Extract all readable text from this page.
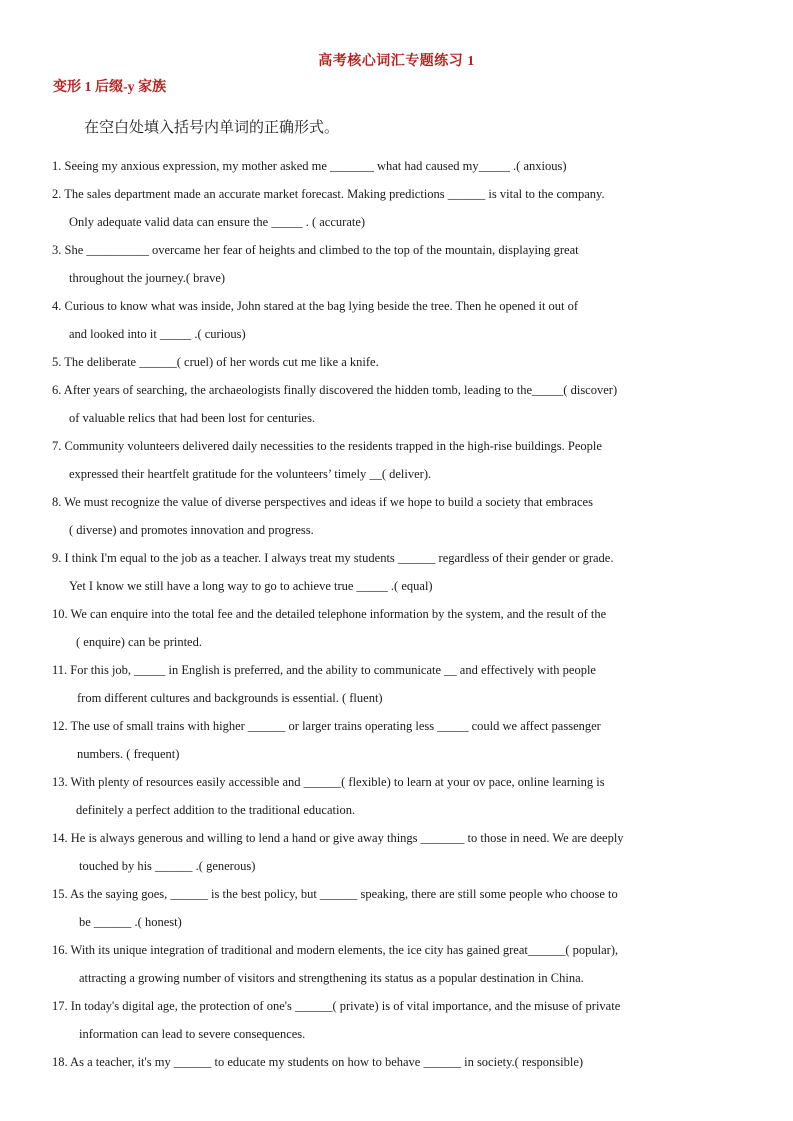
高考核心词汇专题练习 1
变形 1 后缀-y 家族
在空白处填入括号内单词的正确形式。
1. Seeing my anxious expression, my mother asked me _______ what had caused my_____ .( anxious)
2. The sales department made an accurate market forecast. Making predictions ______ is vital to the company.
Only adequate valid data can ensure the _____ . ( accurate)
3. She __________ overcame her fear of heights and climbed to the top of the mountain, displaying great
throughout the journey.( brave)
4. Curious to know what was inside, John stared at the bag lying beside the tree. Then he opened it out of
and looked into it _____ .( curious)
5. The deliberate ______( cruel) of her words cut me like a knife.
6. After years of searching, the archaeologists finally discovered the hidden tomb, leading to the_____( discover)
of valuable relics that had been lost for centuries.
7. Community volunteers delivered daily necessities to the residents trapped in the high-rise buildings. People
expressed their heartfelt gratitude for the volunteers’ timely __( deliver).
8. We must recognize the value of diverse perspectives and ideas if we hope to build a society that embraces
( diverse) and promotes innovation and progress.
9. I think I'm equal to the job as a teacher. I always treat my students ______ regardless of their gender or grade.
Yet I know we still have a long way to go to achieve true _____ .( equal)
10. We can enquire into the total fee and the detailed telephone information by the system, and the result of the
( enquire) can be printed.
11. For this job, _____ in English is preferred, and the ability to communicate __ and effectively with people
from different cultures and backgrounds is essential. ( fluent)
12. The use of small trains with higher ______ or larger trains operating less _____ could we affect passenger
numbers. ( frequent)
13. With plenty of resources easily accessible and ______( flexible) to learn at your ov pace, online learning is
definitely a perfect addition to the traditional education.
14. He is always generous and willing to lend a hand or give away things _______ to those in need. We are deeply
touched by his ______ .( generous)
15. As the saying goes, ______ is the best policy, but ______ speaking, there are still some people who choose to
be ______ .( honest)
16. With its unique integration of traditional and modern elements, the ice city has gained great______( popular),
attracting a growing number of visitors and strengthening its status as a popular destination in China.
17. In today's digital age, the protection of one's ______( private) is of vital importance, and the misuse of private
information can lead to severe consequences.
18. As a teacher, it's my ______ to educate my students on how to behave ______ in society.( responsible)
